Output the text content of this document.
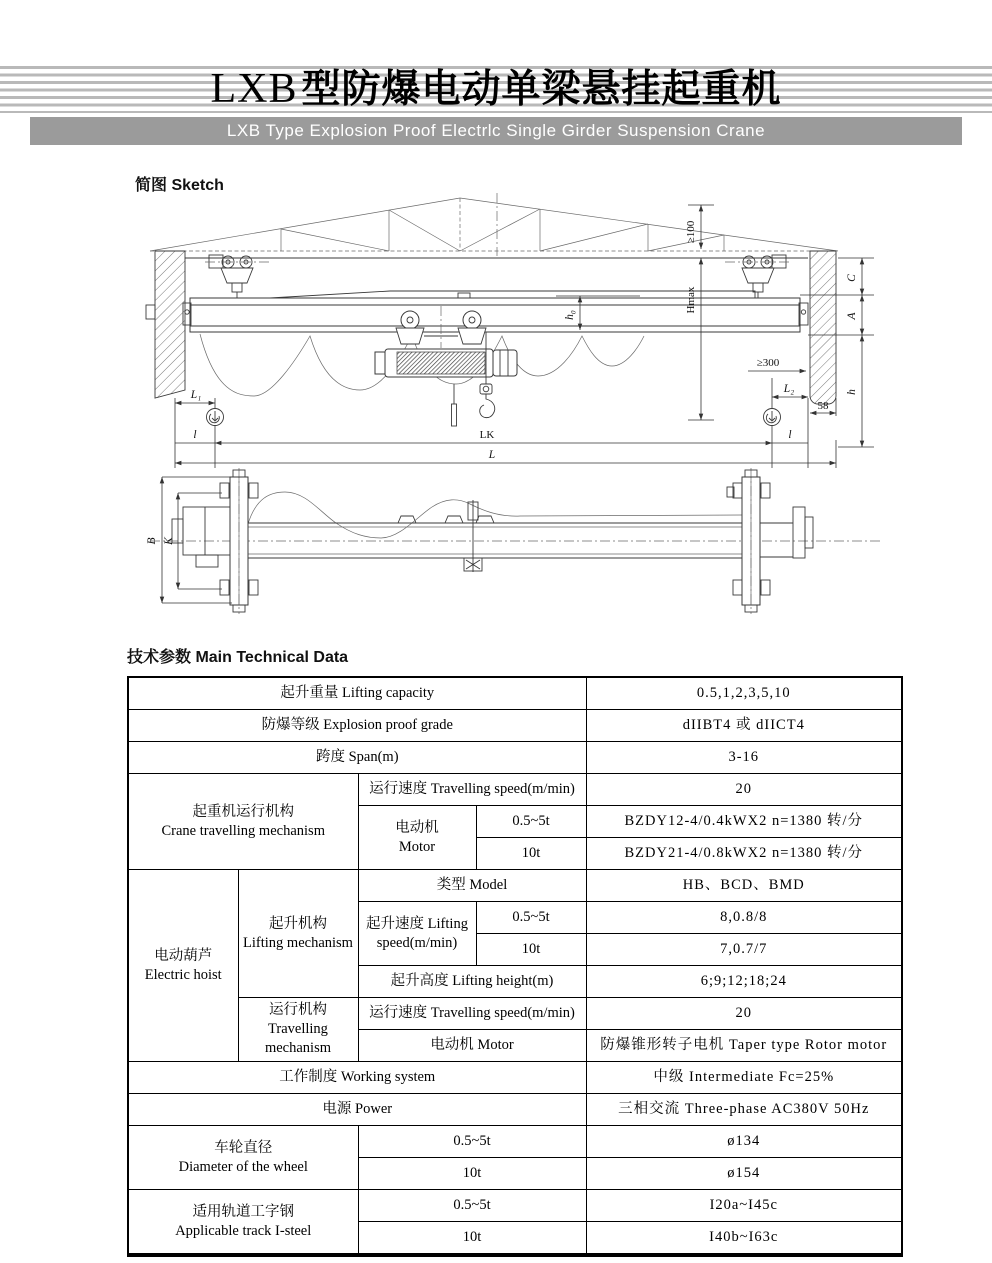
LXB 型防爆电动单梁悬挂起重机
LXB Type Explosion Proof Electrlc Single Girder Suspension Crane
简图 Sketch
≥100
Hmax
h₀
C
A
h
≥300
L₂
58
L₁
l	LK	l
L
B K
技术参数 Main Technical Data
起升重量 Lifting capacity				0.5,1,2,3,5,10
防爆等级 Explosion proof grade				dIIBT4 或 dIICT4
跨度 Span(m)				3-16

起重机运行机构
Crane travelling mechanism		运行速度 Travelling speed(m/min)		20

		电动机
Motor	0.5~5t	BZDY12-4/0.4kWX2 n=1380 转/分
			10t	BZDY21-4/0.8kWX2 n=1380 转/分

电动葫芦
Electric hoist	起升机构
Lifting mechanism	类型 Model		HB、BCD、BMD

		起升速度 Lifting
speed(m/min)	0.5~5t	8,0.8/8
			10t	7,0.7/7
		起升高度 Lifting height(m)		6;9;12;18;24

	运行机构
Travelling
mechanism	运行速度 Travelling speed(m/min)		20
		电动机 Motor		防爆锥形转子电机 Taper type Rotor motor
工作制度 Working system				中级 Intermediate Fc=25%
电源 Power				三相交流 Three-phase AC380V 50Hz

车轮直径
Diameter of the wheel		0.5~5t		ø134
		10t		ø154

适用轨道工字钢
Applicable track I-steel		0.5~5t		I20a~I45c
		10t		I40b~I63c
